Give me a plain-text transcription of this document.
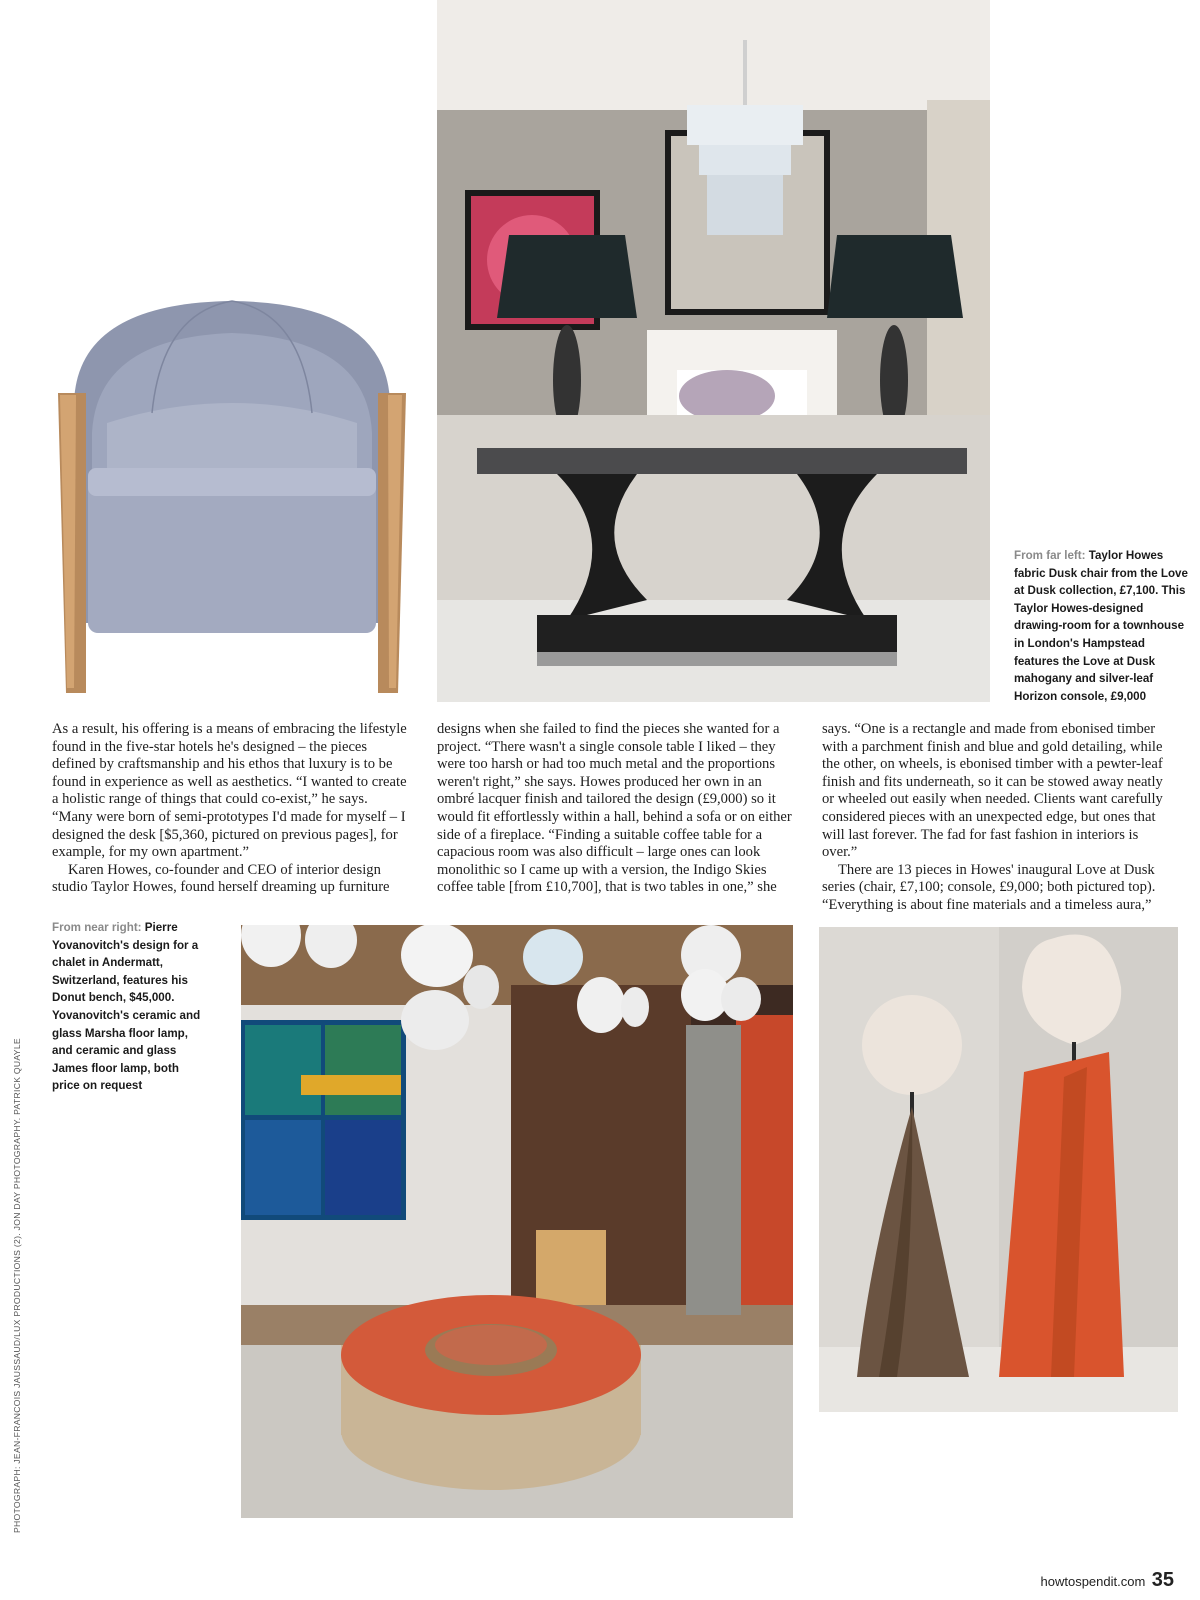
From far left: Taylor Howes fabric Dusk chair from the Love at Dusk collection, £7,100. This Taylor Howes-designed drawing-room for a townhouse in London's Hampstead features the Love at Dusk mahogany and silver-leaf Horizon console, £9,000

As a result, his offering is a means of embracing the lifestyle found in the five-star hotels he's designed – the pieces defined by craftsmanship and his ethos that luxury is to be found in experience as well as aesthetics. “I wanted to create a holistic range of things that could co-exist,” he says. “Many were born of semi-prototypes I'd made for myself – I designed the desk [$5,360, pictured on previous pages], for example, for my own apartment.”

Karen Howes, co-founder and CEO of interior design studio Taylor Howes, found herself dreaming up furniture

designs when she failed to find the pieces she wanted for a project. “There wasn't a single console table I liked – they were too harsh or had too much metal and the proportions weren't right,” she says. Howes produced her own in an ombré lacquer finish and tailored the design (£9,000) so it would fit effortlessly within a hall, behind a sofa or on either side of a fireplace. “Finding a suitable coffee table for a capacious room was also difficult – large ones can look monolithic so I came up with a version, the Indigo Skies coffee table [from £10,700], that is two tables in one,” she

says. “One is a rectangle and made from ebonised timber with a parchment finish and blue and gold detailing, while the other, on wheels, is ebonised timber with a pewter-leaf finish and fits underneath, so it can be stowed away neatly or wheeled out easily when needed. Clients want carefully considered pieces with an unexpected edge, but ones that will last forever. The fad for fast fashion in interiors is over.”

There are 13 pieces in Howes' inaugural Love at Dusk series (chair, £7,100; console, £9,000; both pictured top). “Everything is about fine materials and a timeless aura,”

From near right: Pierre Yovanovitch's design for a chalet in Andermatt, Switzerland, features his Donut bench, $45,000. Yovanovitch's ceramic and glass Marsha floor lamp, and ceramic and glass James floor lamp, both price on request
PHOTOGRAPH: JEAN-FRANCOIS JAUSSAUD/LUX PRODUCTIONS (2). JON DAY PHOTOGRAPHY. PATRICK QUAYLE
howtospendit.com 35
